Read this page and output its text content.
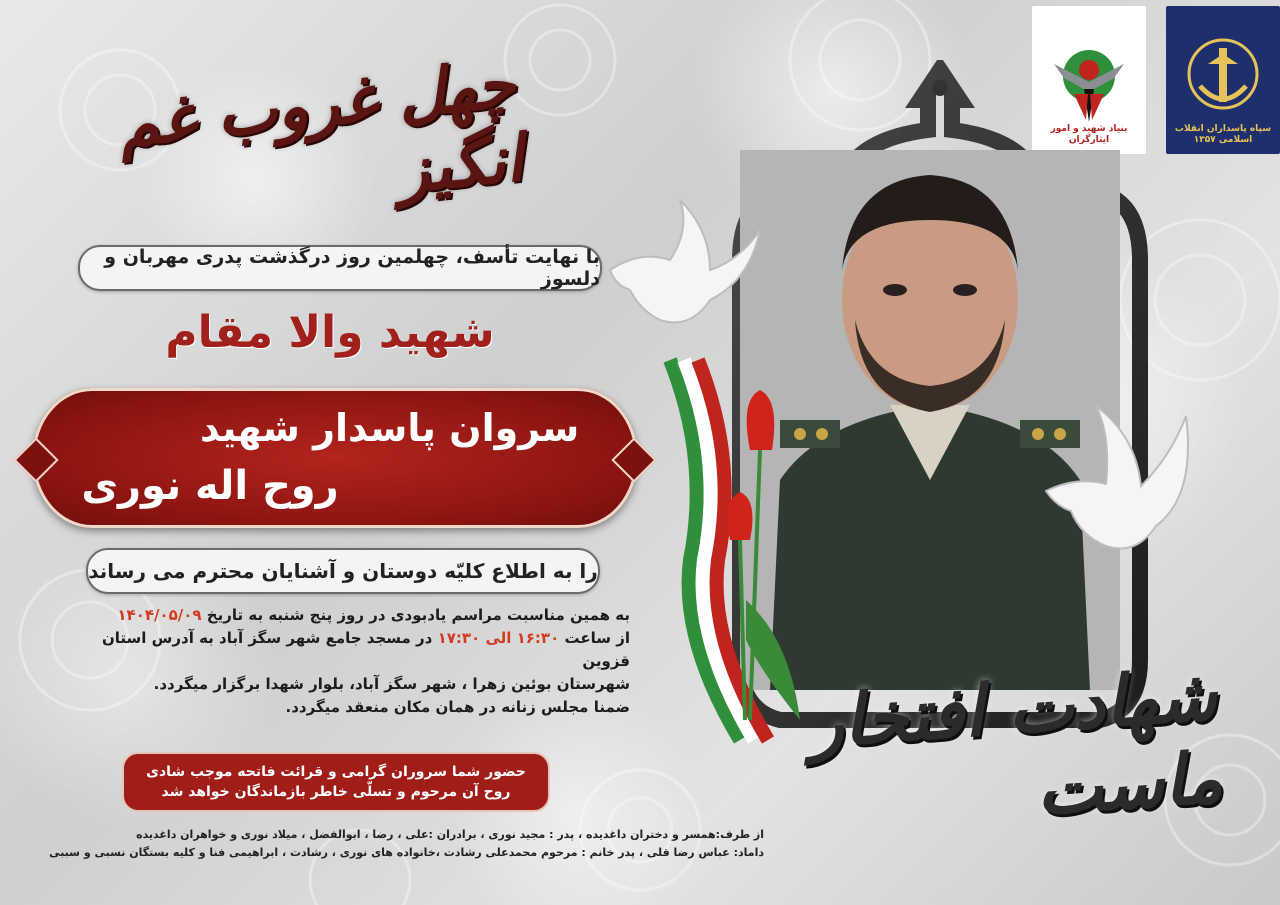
چهل غروب غم انگیز
با نهایت تأسف، چهلمین روز درگذشت پدری مهربان و دلسوز
شهید والا مقام
سروان پاسدار شهید
روح اله نوری
را به اطلاع کلیّه دوستان و آشنایان محترم می رساند
به همین مناسبت مراسم یادبودی در روز پنج شنبه به تاریخ ۱۴۰۴/۰۵/۰۹
از ساعت ۱۶:۳۰ الی ۱۷:۳۰ در مسجد جامع شهر سگز آباد به آدرس استان قزوین
شهرستان بوئین زهرا ، شهر سگز آباد، بلوار شهدا برگزار میگردد.
ضمنا مجلس زنانه در همان مکان منعقد میگردد.
حضور شما سروران گرامی و قرائت فاتحه موجب شادی
روح آن مرحوم و تسلّی خاطر بازماندگان خواهد شد
از طرف:همسر و دختران داغدیده ، پدر : مجید نوری ، برادران :علی ، رضا ، ابوالفضل ، میلاد نوری و خواهران داغدیده
داماد: عباس رضا قلی ، پدر خانم : مرحوم محمدعلی رشادت ،خانواده های نوری ، رشادت ، ابراهیمی فنا و کلیه بستگان نسبی و سببی
بنیاد شهید و امور ایثارگران
سپاه پاسداران انقلاب اسلامی ۱۳۵۷
شهادت افتخار ماست
